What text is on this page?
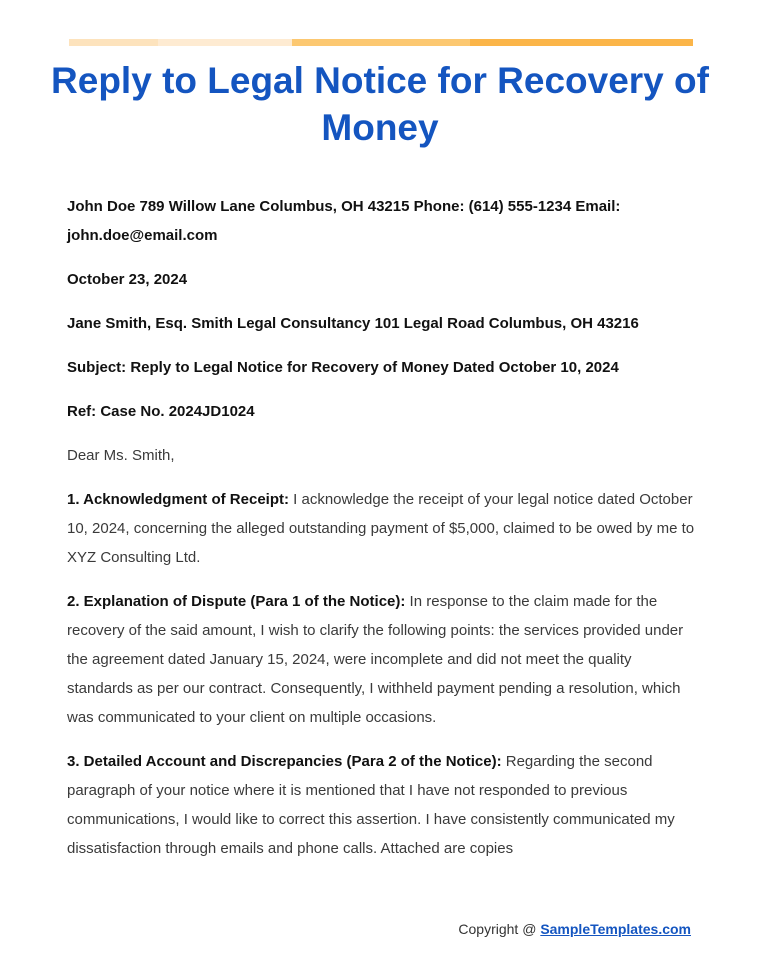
Reply to Legal Notice for Recovery of Money

John Doe 789 Willow Lane Columbus, OH 43215 Phone: (614) 555-1234 Email: john.doe@email.com

October 23, 2024

Jane Smith, Esq. Smith Legal Consultancy 101 Legal Road Columbus, OH 43216

Subject: Reply to Legal Notice for Recovery of Money Dated October 10, 2024

Ref: Case No. 2024JD1024

Dear Ms. Smith,

1. Acknowledgment of Receipt: I acknowledge the receipt of your legal notice dated October 10, 2024, concerning the alleged outstanding payment of $5,000, claimed to be owed by me to XYZ Consulting Ltd.

2. Explanation of Dispute (Para 1 of the Notice): In response to the claim made for the recovery of the said amount, I wish to clarify the following points: the services provided under the agreement dated January 15, 2024, were incomplete and did not meet the quality standards as per our contract. Consequently, I withheld payment pending a resolution, which was communicated to your client on multiple occasions.

3. Detailed Account and Discrepancies (Para 2 of the Notice): Regarding the second paragraph of your notice where it is mentioned that I have not responded to previous communications, I would like to correct this assertion. I have consistently communicated my dissatisfaction through emails and phone calls. Attached are copies

Copyright @ SampleTemplates.com
